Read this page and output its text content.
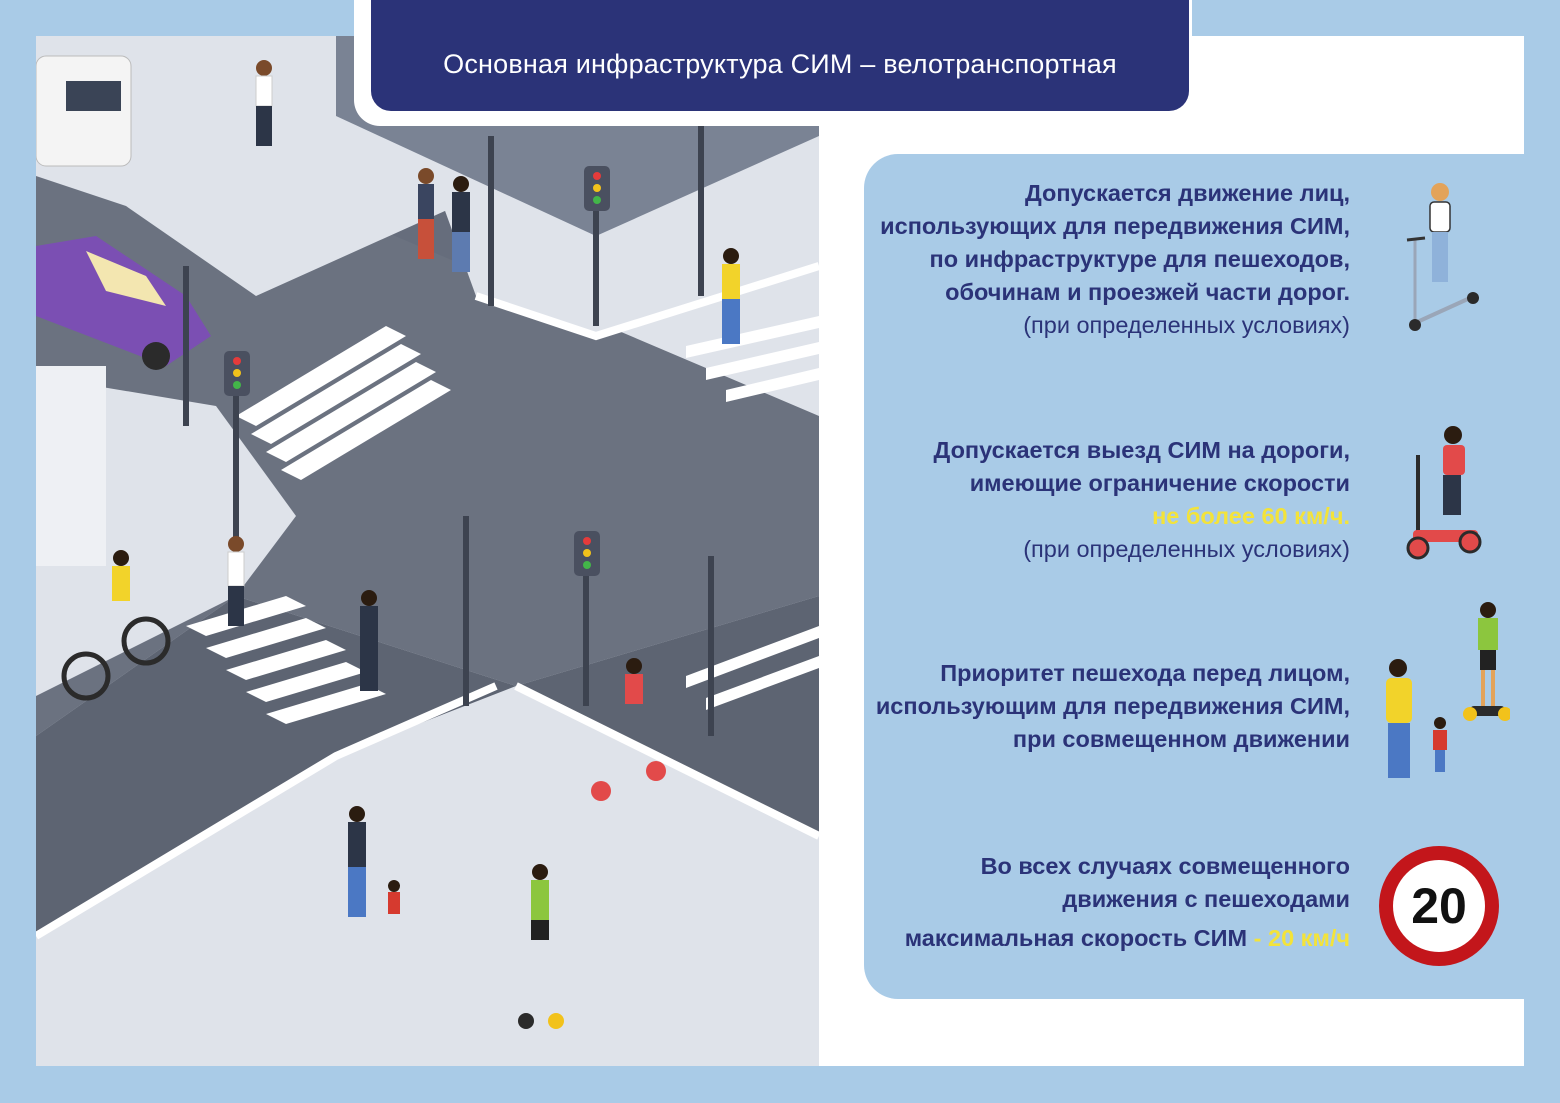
Основная инфраструктура СИМ – велотранспортная
Допускается движение лиц,
использующих для передвижения СИМ,
по инфраструктуре для пешеходов,
обочинам и проезжей части дорог.
(при определенных условиях)
Допускается выезд СИМ на дороги,
имеющие ограничение скорости
не более 60 км/ч.
(при определенных условиях)
Приоритет пешехода перед лицом,
использующим для передвижения СИМ,
при совмещенном движении
Во всех случаях совмещенного
движения с пешеходами
максимальная скорость СИМ - 20 км/ч
20
